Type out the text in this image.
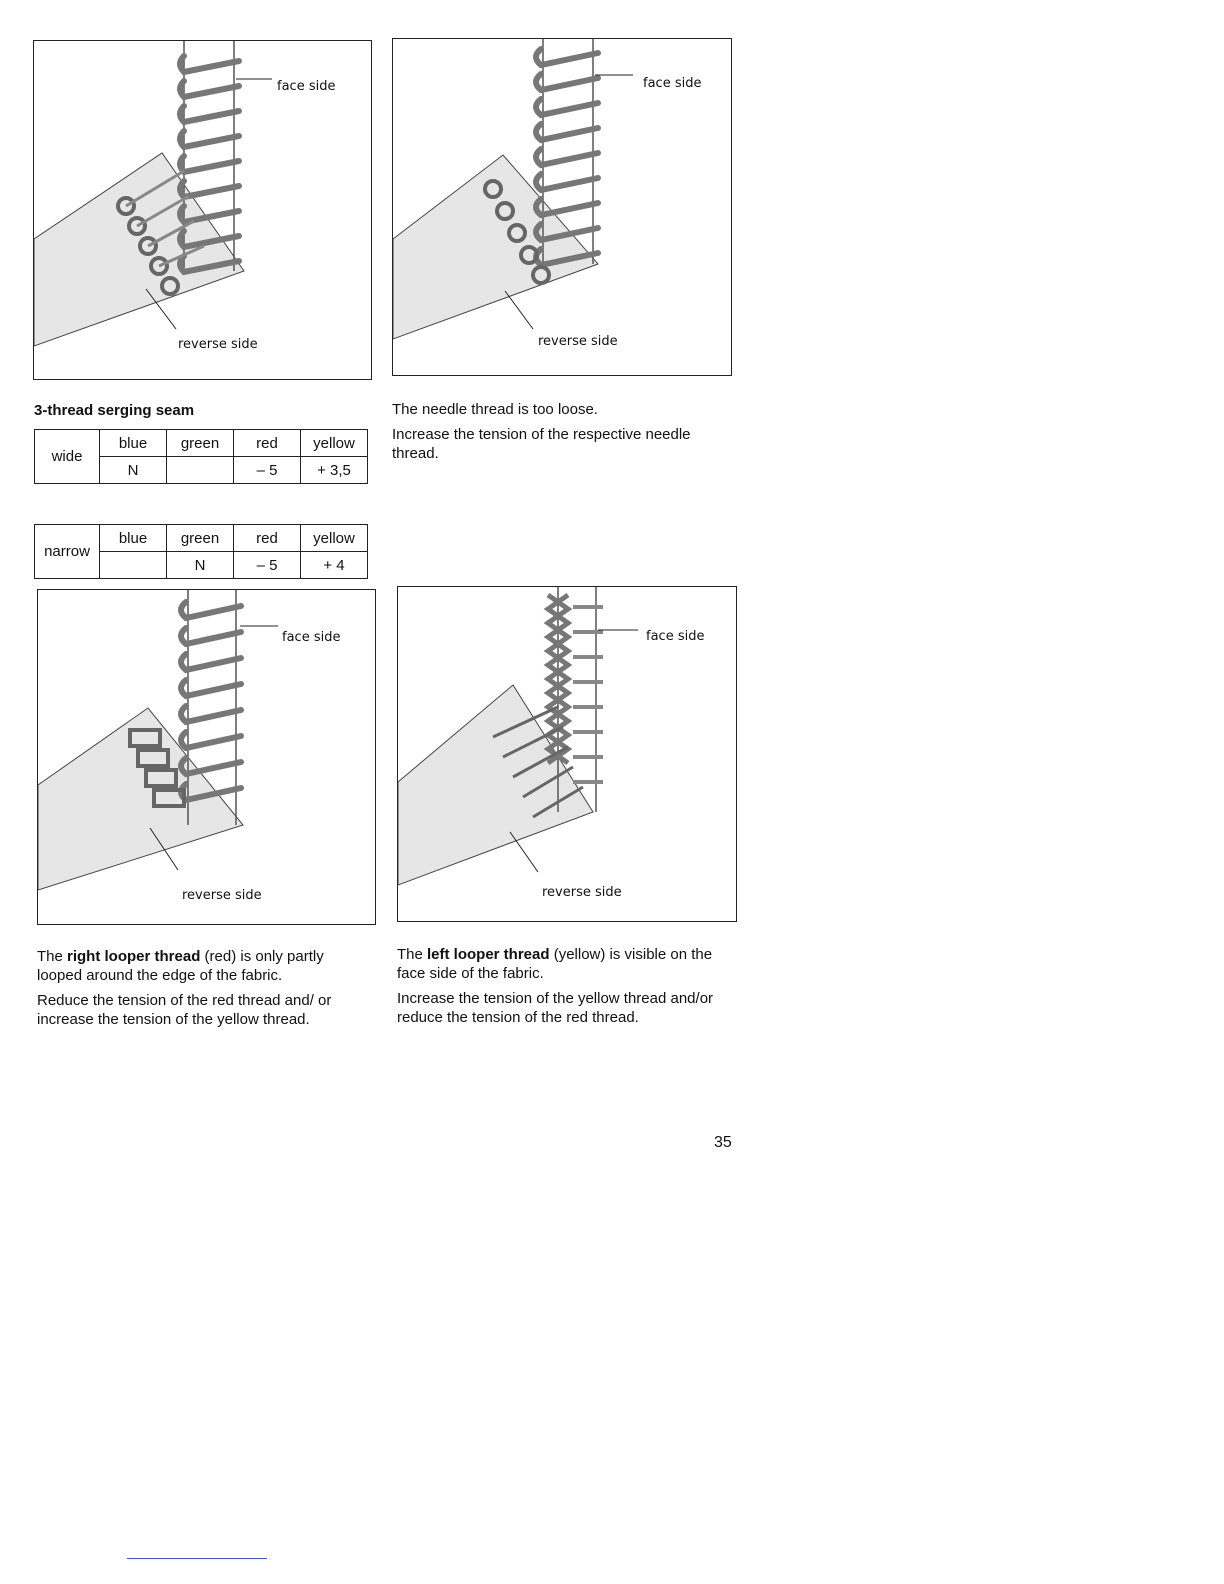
face side
reverse side
face side
reverse side
3-thread serging seam
wide	blue	green	red	yellow
	N		– 5	+ 3,5
narrow	blue	green	red	yellow
		N	– 5	+ 4

The needle thread is too loose.

Increase the tension of the respective needle thread.

face side
reverse side
face side
reverse side

The right looper thread (red) is only partly looped around the edge of the fabric.

Reduce the tension of the red thread and/ or increase the tension of the yellow thread.

The left looper thread (yellow) is visible on the face side of the fabric.

Increase the tension of the yellow thread and/or reduce the tension of the red thread.

35
